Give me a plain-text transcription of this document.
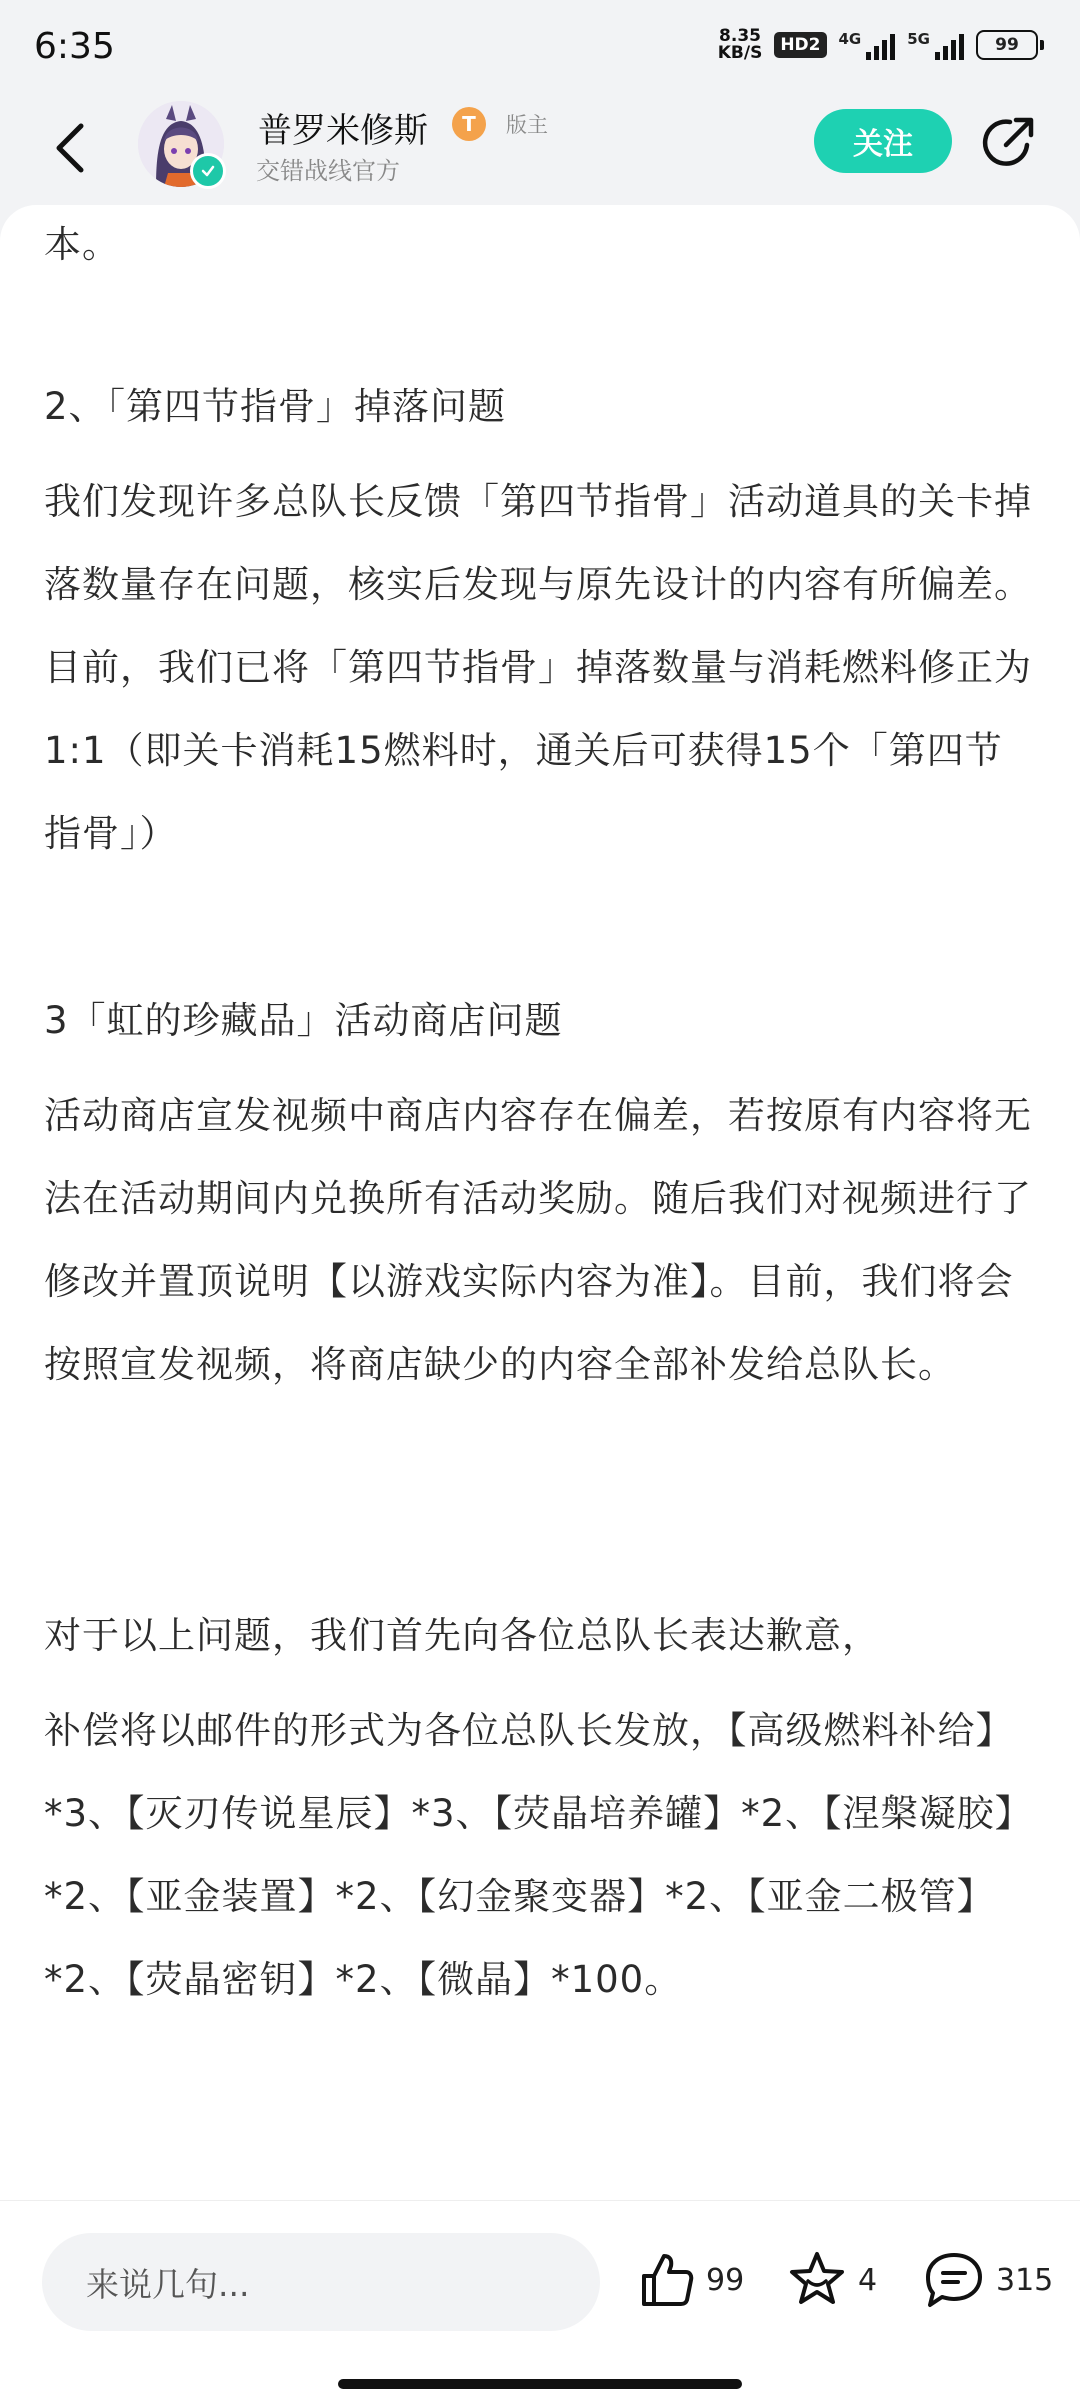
6:35	8.35
KB/S	HD2	4G	5G	99
普罗米修斯	T	版主
交错战线官方
关注

本。

2、「第四节指骨」掉落问题

我们发现许多总队长反馈「第四节指骨」活动道具的关卡掉落数量存在问题，核实后发现与原先设计的内容有所偏差。目前，我们已将「第四节指骨」掉落数量与消耗燃料修正为1:1（即关卡消耗15燃料时，通关后可获得15个「第四节指骨」）

3「虹的珍藏品」活动商店问题

活动商店宣发视频中商店内容存在偏差，若按原有内容将无法在活动期间内兑换所有活动奖励。随后我们对视频进行了修改并置顶说明【以游戏实际内容为准】。目前，我们将会按照宣发视频，将商店缺少的内容全部补发给总队长。

对于以上问题，我们首先向各位总队长表达歉意，

补偿将以邮件的形式为各位总队长发放，【高级燃料补给】*3、【灭刃传说星辰】*3、【荧晶培养罐】*2、【涅槃凝胶】*2、【亚金装置】*2、【幻金聚变器】*2、【亚金二极管】*2、【荧晶密钥】*2、【微晶】*100。

来说几句...	99	4	315
